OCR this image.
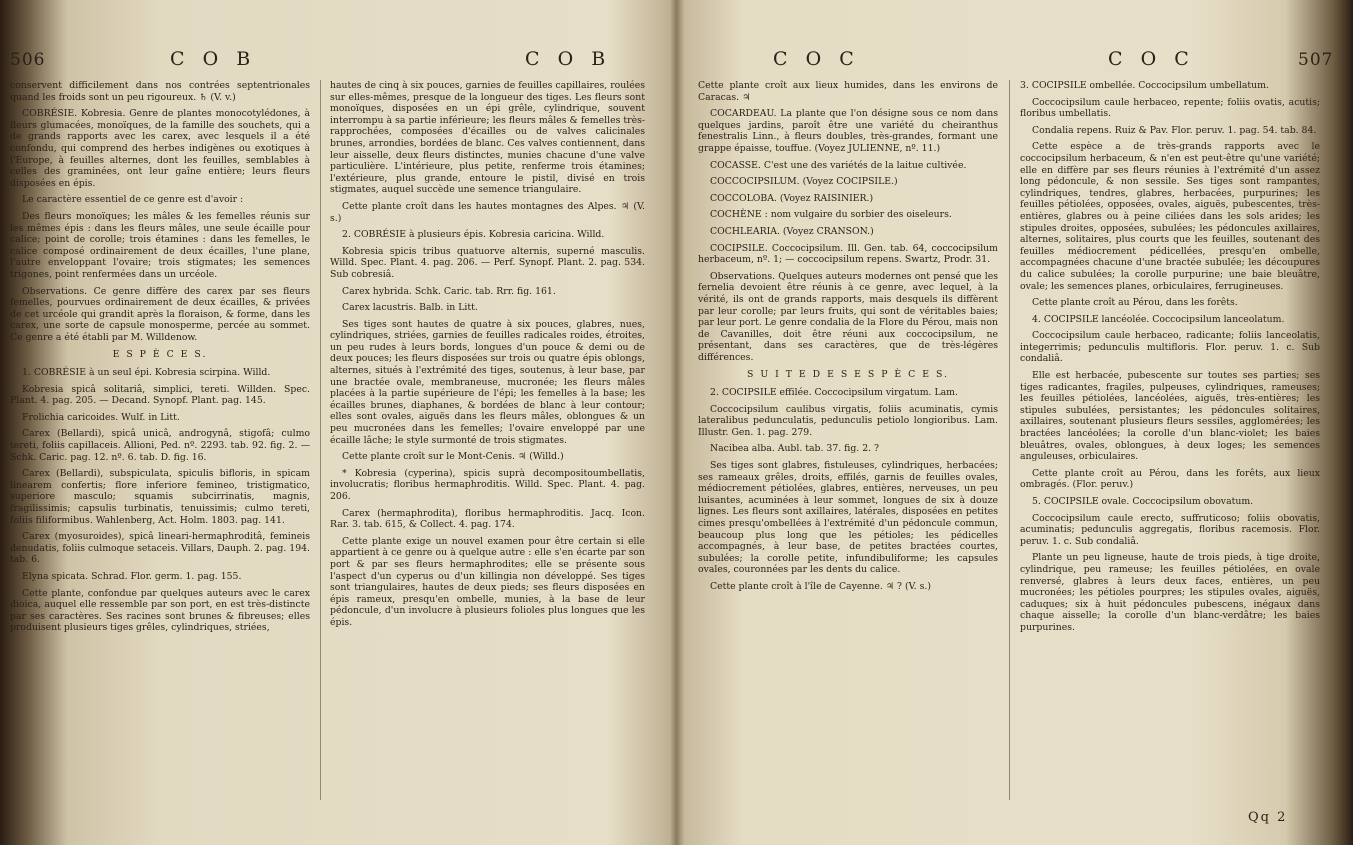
506	C O B	C O B

conservent difficilement dans nos contrées septentrionales quand les froids sont un peu rigoureux. ♄ (V. v.)

COBRÉSIE. Kobresia. Genre de plantes monocotylédones, à fleurs glumacées, monoïques, de la famille des souchets, qui a de grands rapports avec les carex, avec lesquels il a été confondu, qui comprend des herbes indigènes ou exotiques à l'Europe, à feuilles alternes, dont les feuilles, semblables à celles des graminées, ont leur gaîne entière; leurs fleurs disposées en épis.

Le caractère essentiel de ce genre est d'avoir :

Des fleurs monoïques; les mâles & les femelles réunis sur les mêmes épis : dans les fleurs mâles, une seule écaille pour calice; point de corolle; trois étamines : dans les femelles, le calice composé ordinairement de deux écailles, l'une plane, l'autre enveloppant l'ovaire; trois stigmates; les semences trigones, point renfermées dans un urcéole.

Observations. Ce genre diffère des carex par ses fleurs femelles, pourvues ordinairement de deux écailles, & privées de cet urcéole qui grandit après la floraison, & forme, dans les carex, une sorte de capsule monosperme, percée au sommet. Ce genre a été établi par M. Willdenow.

E S P È C E S.

1. COBRÉSIE à un seul épi. Kobresia scirpina. Willd.

Kobresia spicâ solitariâ, simplici, tereti. Willden. Spec. Plant. 4. pag. 205. — Decand. Synopf. Plant. pag. 145.

Frolichia caricoides. Wulf. in Litt.

Carex (Bellardi), spicâ unicâ, androgynâ, stigofâ; culmo tereti, foliis capillaceis. Allioni, Ped. nº. 2293. tab. 92. fig. 2. — Schk. Caric. pag. 12. nº. 6. tab. D. fig. 16.

Carex (Bellardi), subspiculata, spiculis bifloris, in spicam linearem confertis; flore inferiore femineo, tristigmatico, superiore masculo; squamis subcirrinatis, magnis, fragilissimis; capsulis turbinatis, tenuissimis; culmo tereti, foliis filiformibus. Wahlenberg, Act. Holm. 1803. pag. 141.

Carex (myosuroides), spicâ lineari-hermaphroditâ, femineis denudatis, foliis culmoque setaceis. Villars, Dauph. 2. pag. 194. tab. 6.

Elyna spicata. Schrad. Flor. germ. 1. pag. 155.

Cette plante, confondue par quelques auteurs avec le carex dioica, auquel elle ressemble par son port, en est très-distincte par ses caractères. Ses racines sont brunes & fibreuses; elles produisent plusieurs tiges grêles, cylindriques, striées,

hautes de cinq à six pouces, garnies de feuilles capillaires, roulées sur elles-mêmes, presque de la longueur des tiges. Les fleurs sont monoïques, disposées en un épi grêle, cylindrique, souvent interrompu à sa partie inférieure; les fleurs mâles & femelles très-rapprochées, composées d'écailles ou de valves calicinales brunes, arrondies, bordées de blanc. Ces valves contiennent, dans leur aisselle, deux fleurs distinctes, munies chacune d'une valve particulière. L'intérieure, plus petite, renferme trois étamines; l'extérieure, plus grande, entoure le pistil, divisé en trois stigmates, auquel succède une semence triangulaire.

Cette plante croît dans les hautes montagnes des Alpes. ♃ (V. s.)

2. COBRÉSIE à plusieurs épis. Kobresia caricina. Willd.

Kobresia spicis tribus quatuorve alternis, superné masculis. Willd. Spec. Plant. 4. pag. 206. — Perf. Synopf. Plant. 2. pag. 534. Sub cobresiâ.

Carex hybrida. Schk. Caric. tab. Rrr. fig. 161.

Carex lacustris. Balb. in Litt.

Ses tiges sont hautes de quatre à six pouces, glabres, nues, cylindriques, striées, garnies de feuilles radicales roides, étroites, un peu rudes à leurs bords, longues d'un pouce & demi ou de deux pouces; les fleurs disposées sur trois ou quatre épis oblongs, alternes, situés à l'extrémité des tiges, soutenus, à leur base, par une bractée ovale, membraneuse, mucronée; les fleurs mâles placées à la partie supérieure de l'épi; les femelles à la base; les écailles brunes, diaphanes, & bordées de blanc à leur contour; elles sont ovales, aiguës dans les fleurs mâles, oblongues & un peu mucronées dans les femelles; l'ovaire enveloppé par une écaille lâche; le style surmonté de trois stigmates.

Cette plante croît sur le Mont-Cenis. ♃ (Willd.)

* Kobresia (cyperina), spicis suprà decompositoumbellatis, involucratis; floribus hermaphroditis. Willd. Spec. Plant. 4. pag. 206.

Carex (hermaphrodita), floribus hermaphroditis. Jacq. Icon. Rar. 3. tab. 615, & Collect. 4. pag. 174.

Cette plante exige un nouvel examen pour être certain si elle appartient à ce genre ou à quelque autre : elle s'en écarte par son port & par ses fleurs hermaphrodites; elle se présente sous l'aspect d'un cyperus ou d'un killingia non développé. Ses tiges sont triangulaires, hautes de deux pieds; ses fleurs disposées en épis rameux, presqu'en ombelle, munies, à la base de leur pédoncule, d'un involucre à plusieurs folioles plus longues que les épis.

C O C	C O C	507

Cette plante croît aux lieux humides, dans les environs de Caracas. ♃

COCARDEAU. La plante que l'on désigne sous ce nom dans quelques jardins, paroît être une variété du cheiranthus fenestralis Linn., à fleurs doubles, très-grandes, formant une grappe épaisse, touffue. (Voyez JULIENNE, nº. 11.)

COCASSE. C'est une des variétés de la laitue cultivée.

COCCOCIPSILUM. (Voyez COCIPSILE.)

COCCOLOBA. (Voyez RAISINIER.)

COCHÈNE : nom vulgaire du sorbier des oiseleurs.

COCHLEARIA. (Voyez CRANSON.)

COCIPSILE. Coccocipsilum. Ill. Gen. tab. 64, coccocipsilum herbaceum, nº. 1; — coccocipsilum repens. Swartz, Prodr. 31.

Observations. Quelques auteurs modernes ont pensé que les fernelia devoient être réunis à ce genre, avec lequel, à la vérité, ils ont de grands rapports, mais desquels ils diffèrent par leur corolle; par leurs fruits, qui sont de véritables baies; par leur port. Le genre condalia de la Flore du Pérou, mais non de Cavanilles, doit être réuni aux coccocipsilum, ne présentant, dans ses caractères, que de très-légères différences.

S U I T E D E S E S P È C E S.

2. COCIPSILE effilée. Coccocipsilum virgatum. Lam.

Coccocipsilum caulibus virgatis, foliis acuminatis, cymis lateralibus pedunculatis, pedunculis petiolo longioribus. Lam. Illustr. Gen. 1. pag. 279.

Nacibea alba. Aubl. tab. 37. fig. 2. ?

Ses tiges sont glabres, fistuleuses, cylindriques, herbacées; ses rameaux grêles, droits, effilés, garnis de feuilles ovales, médiocrement pétiolées, glabres, entières, nerveuses, un peu luisantes, acuminées à leur sommet, longues de six à douze lignes. Les fleurs sont axillaires, latérales, disposées en petites cimes presqu'ombellées à l'extrémité d'un pédoncule commun, beaucoup plus long que les pétioles; les pédicelles accompagnés, à leur base, de petites bractées courtes, subulées; la corolle petite, infundibuliforme; les capsules ovales, couronnées par les dents du calice.

Cette plante croît à l'île de Cayenne. ♃ ? (V. s.)

3. COCIPSILE ombellée. Coccocipsilum umbellatum.

Coccocipsilum caule herbaceo, repente; foliis ovatis, acutis; floribus umbellatis.

Condalia repens. Ruiz & Pav. Flor. peruv. 1. pag. 54. tab. 84.

Cette espèce a de très-grands rapports avec le coccocipsilum herbaceum, & n'en est peut-être qu'une variété; elle en diffère par ses fleurs réunies à l'extrémité d'un assez long pédoncule, & non sessile. Ses tiges sont rampantes, cylindriques, tendres, glabres, herbacées, purpurines; les feuilles pétiolées, opposées, ovales, aiguës, pubescentes, très-entières, glabres ou à peine ciliées dans les sols arides; les stipules droites, opposées, subulées; les pédoncules axillaires, alternes, solitaires, plus courts que les feuilles, soutenant des feuilles médiocrement pédicellées, presqu'en ombelle, accompagnées chacune d'une bractée subulée; les découpures du calice subulées; la corolle purpurine; une baie bleuâtre, ovale; les semences planes, orbiculaires, ferrugineuses.

Cette plante croît au Pérou, dans les forêts.

4. COCIPSILE lancéolée. Coccocipsilum lanceolatum.

Coccocipsilum caule herbaceo, radicante; foliis lanceolatis, integerrimis; pedunculis multifloris. Flor. peruv. 1. c. Sub condaliâ.

Elle est herbacée, pubescente sur toutes ses parties; ses tiges radicantes, fragiles, pulpeuses, cylindriques, rameuses; les feuilles pétiolées, lancéolées, aiguës, très-entières; les stipules subulées, persistantes; les pédoncules solitaires, axillaires, soutenant plusieurs fleurs sessiles, agglomérées; les bractées lancéolées; la corolle d'un blanc-violet; les baies bleuâtres, ovales, oblongues, à deux loges; les semences anguleuses, orbiculaires.

Cette plante croît au Pérou, dans les forêts, aux lieux ombragés. (Flor. peruv.)

5. COCIPSILE ovale. Coccocipsilum obovatum.

Coccocipsilum caule erecto, suffruticoso; foliis obovatis, acuminatis; pedunculis aggregatis, floribus racemosis. Flor. peruv. 1. c. Sub condaliâ.

Plante un peu ligneuse, haute de trois pieds, à tige droite, cylindrique, peu rameuse; les feuilles pétiolées, en ovale renversé, glabres à leurs deux faces, entières, un peu mucronées; les pétioles pourpres; les stipules ovales, aiguës, caduques; six à huit pédoncules pubescens, inégaux dans chaque aisselle; la corolle d'un blanc-verdâtre; les baies purpurines.

Qq 2
